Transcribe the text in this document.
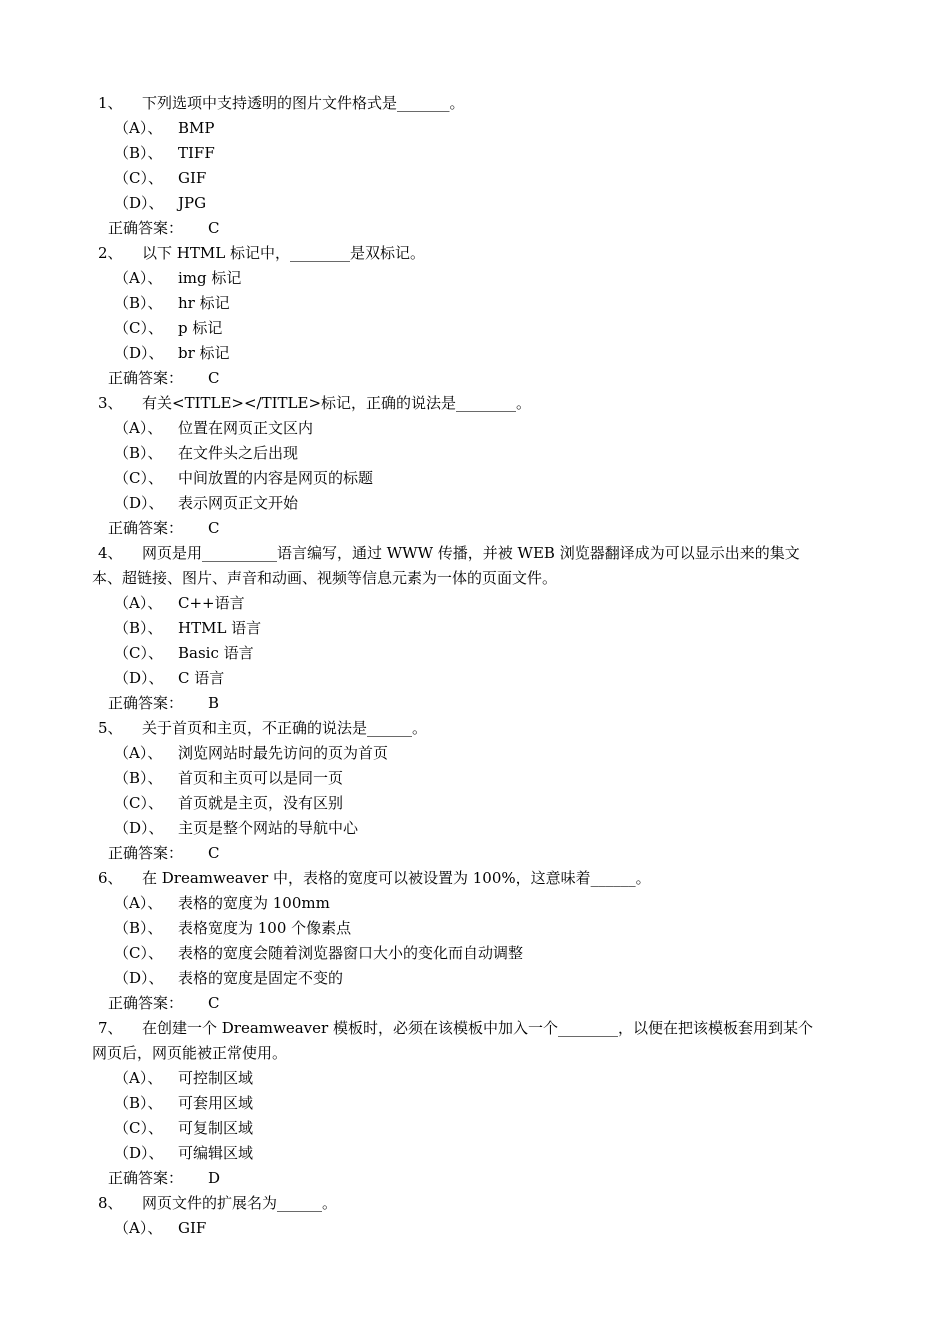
1、 下列选项中支持透明的图片文件格式是_______。
（A）、 BMP
（B）、 TIFF
（C）、 GIF
（D）、 JPG
正确答案： C
2、 以下 HTML 标记中，________是双标记。
（A）、 img 标记
（B）、 hr 标记
（C）、 p 标记
（D）、 br 标记
正确答案： C
3、 有关<TITLE></TITLE>标记，正确的说法是________。
（A）、 位置在网页正文区内
（B）、 在文件头之后出现
（C）、 中间放置的内容是网页的标题
（D）、 表示网页正文开始
正确答案： C
4、 网页是用__________语言编写，通过 WWW 传播，并被 WEB 浏览器翻译成为可以显示出来的集文
本、超链接、图片、声音和动画、视频等信息元素为一体的页面文件。
（A）、 C++语言
（B）、 HTML 语言
（C）、 Basic 语言
（D）、 C 语言
正确答案： B
5、 关于首页和主页，不正确的说法是______。
（A）、 浏览网站时最先访问的页为首页
（B）、 首页和主页可以是同一页
（C）、 首页就是主页，没有区别
（D）、 主页是整个网站的导航中心
正确答案： C
6、 在 Dreamweaver 中，表格的宽度可以被设置为 100%，这意味着______。
（A）、 表格的宽度为 100mm
（B）、 表格宽度为 100 个像素点
（C）、 表格的宽度会随着浏览器窗口大小的变化而自动调整
（D）、 表格的宽度是固定不变的
正确答案： C
7、 在创建一个 Dreamweaver 模板时，必须在该模板中加入一个________，以便在把该模板套用到某个
网页后，网页能被正常使用。
（A）、 可控制区域
（B）、 可套用区域
（C）、 可复制区域
（D）、 可编辑区域
正确答案： D
8、 网页文件的扩展名为______。
（A）、 GIF
